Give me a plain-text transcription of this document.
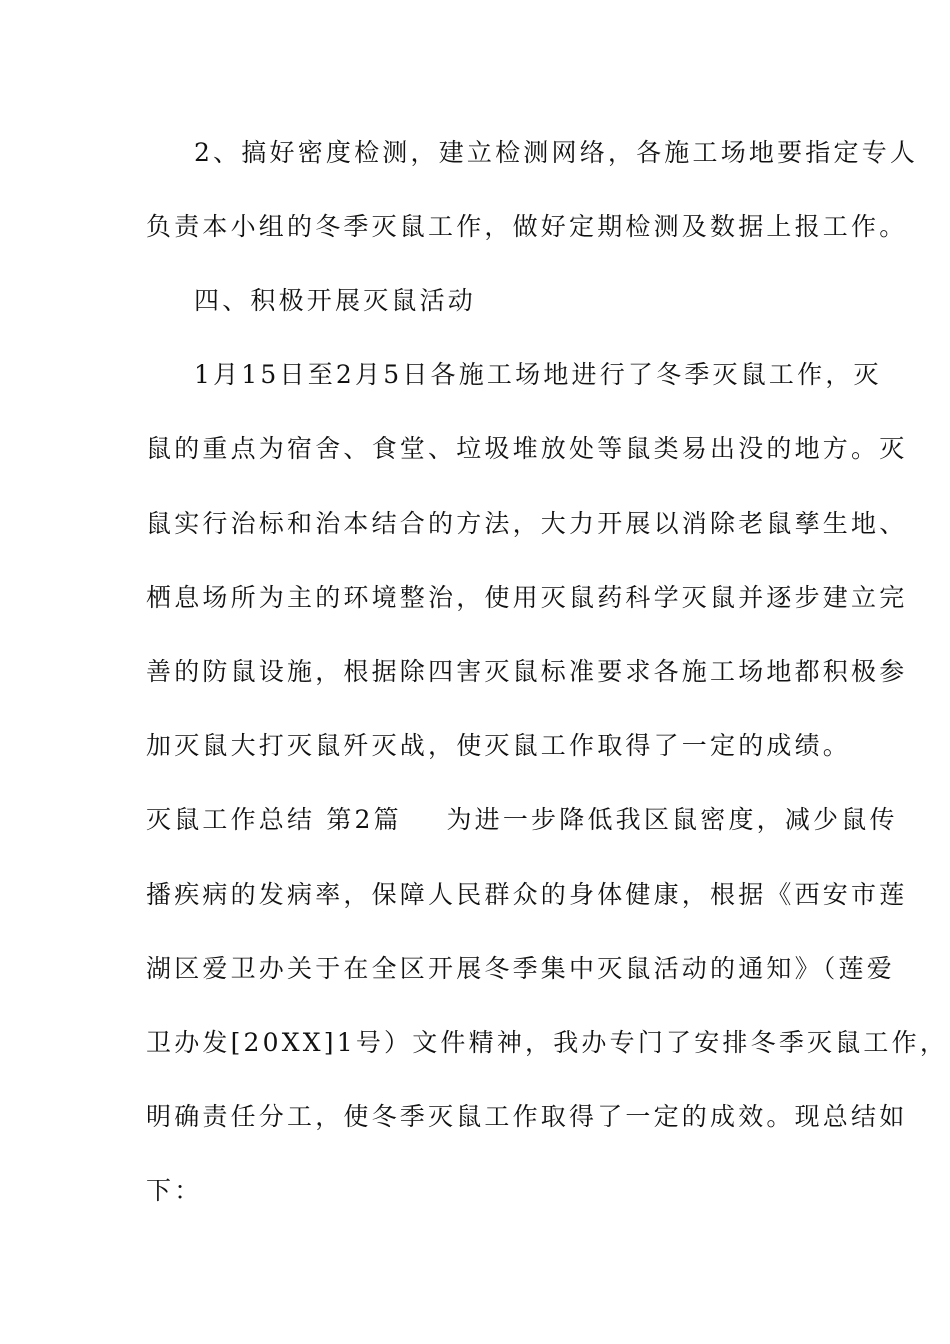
2、搞好密度检测，建立检测网络，各施工场地要指定专人
负责本小组的冬季灭鼠工作，做好定期检测及数据上报工作。
四、积极开展灭鼠活动
1月15日至2月5日各施工场地进行了冬季灭鼠工作，灭
鼠的重点为宿舍、食堂、垃圾堆放处等鼠类易出没的地方。灭
鼠实行治标和治本结合的方法，大力开展以消除老鼠孳生地、
栖息场所为主的环境整治，使用灭鼠药科学灭鼠并逐步建立完
善的防鼠设施，根据除四害灭鼠标准要求各施工场地都积极参
加灭鼠大打灭鼠歼灭战，使灭鼠工作取得了一定的成绩。
灭鼠工作总结 第2篇    为进一步降低我区鼠密度，减少鼠传
播疾病的发病率，保障人民群众的身体健康，根据《西安市莲
湖区爱卫办关于在全区开展冬季集中灭鼠活动的通知》（莲爱
卫办发[20XX]1号）文件精神，我办专门了安排冬季灭鼠工作，
明确责任分工，使冬季灭鼠工作取得了一定的成效。现总结如
下：
